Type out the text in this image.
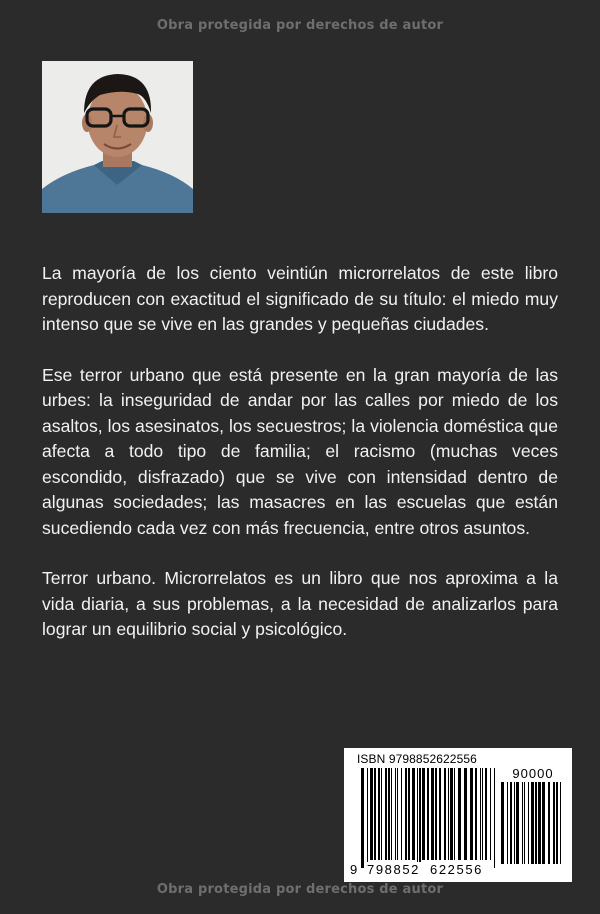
Obra protegida por derechos de autor

La mayoría de los ciento veintiún microrrelatos de este libro reproducen con exactitud el significado de su título: el miedo muy intenso que se vive en las grandes y pequeñas ciudades.

Ese terror urbano que está presente en la gran mayoría de las urbes: la inseguridad de andar por las calles por miedo de los asaltos, los asesinatos, los secuestros; la violencia doméstica que afecta a todo tipo de familia; el racismo (muchas veces escondido, disfrazado) que se vive con intensidad dentro de algunas sociedades; las masacres en las escuelas que están sucediendo cada vez con más frecuencia, entre otros asuntos.

Terror urbano. Microrrelatos es un libro que nos aproxima a la vida diaria, a sus problemas, a la necesidad de analizarlos para lograr un equilibrio social y psicológico.

ISBN 9798852622556
90000
9 798852 622556
Obra protegida por derechos de autor
